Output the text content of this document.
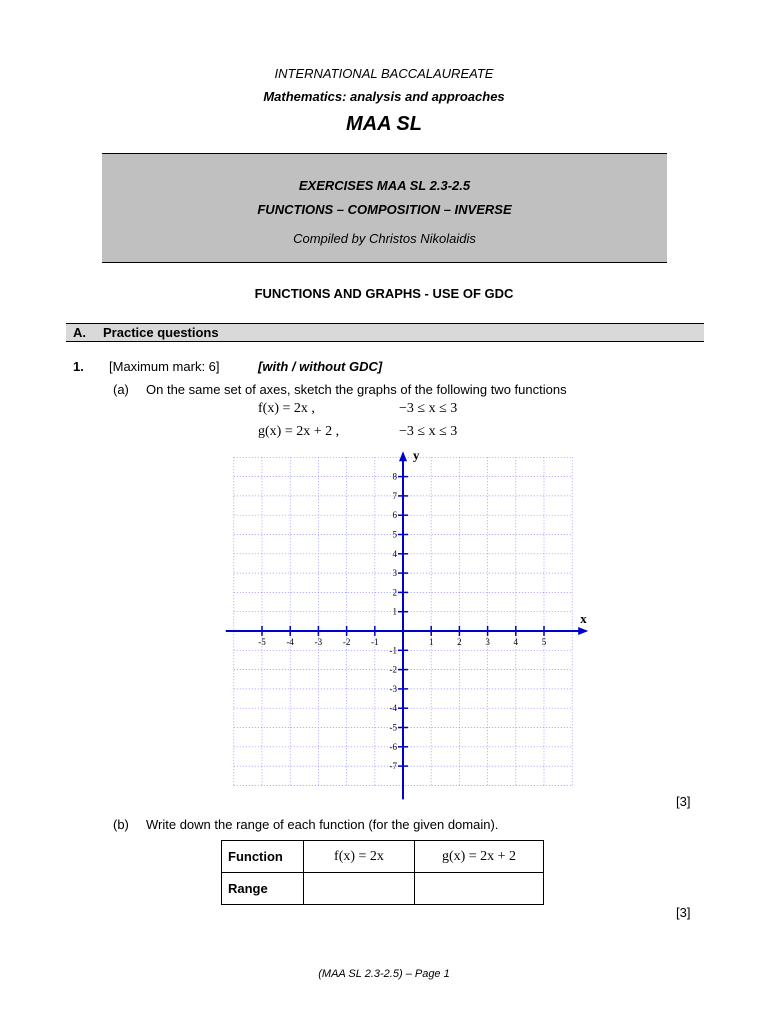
INTERNATIONAL BACCALAUREATE
Mathematics: analysis and approaches
MAA SL
EXERCISES MAA SL 2.3-2.5
FUNCTIONS – COMPOSITION – INVERSE
Compiled by Christos Nikolaidis
FUNCTIONS AND GRAPHS - USE OF GDC
A. Practice questions
1. [Maximum mark: 6]	[with / without GDC]
(a) On the same set of axes, sketch the graphs of the following two functions
f(x) = 2x ,	−3 ≤ x ≤ 3
g(x) = 2x + 2 ,	−3 ≤ x ≤ 3
x
y
-5 -4 -3 -2 -1	1	2	3	4	5
-7
-6
-5
-4
-3
-2
-1
1
2
3
4
5
6
7
8
[3]
(b) Write down the range of each function (for the given domain).
Function	f(x) = 2x	g(x) = 2x + 2
Range		
[3]
(MAA SL 2.3-2.5) – Page 1
